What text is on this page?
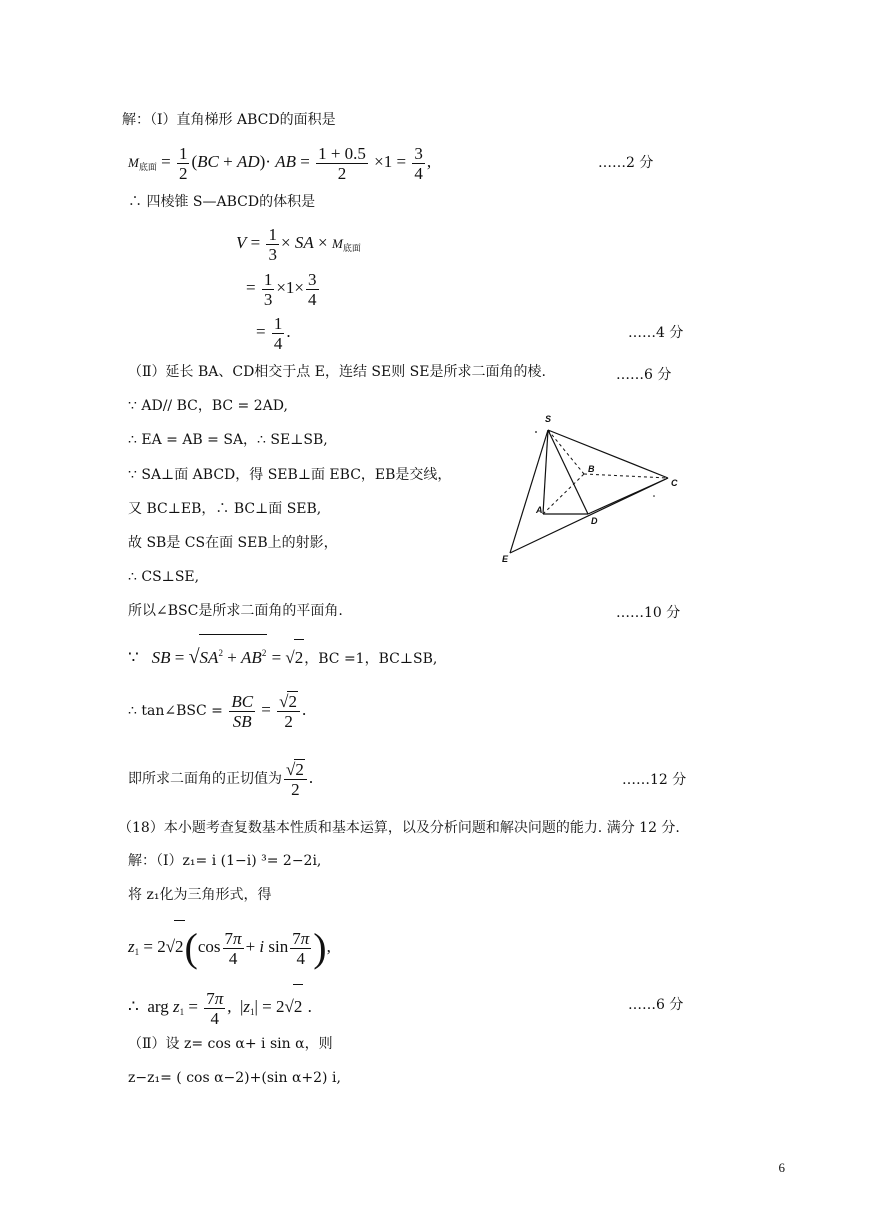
解：（Ⅰ）直角梯形 ABCD的面积是
$M_{底面} = \frac{1}{2} (BC + AD)\cdot$ AB = $\frac{1 + 0.5}{2} \times 1 = \frac{3}{4}$ ,	……2 分
∴ 四棱锥 S—ABCD的体积是
$V = \frac{1}{3}$ × SA × $M_{底面}$
= $\frac{1}{3} \times 1\times \frac{3}{4}$
= $\frac{1}{4}$ .	……4 分
（Ⅱ）延长 BA、CD相交于点 E，连结 SE则 SE是所求二面角的棱.	……6 分
∵ AD// BC，BC = 2AD,
∴ EA = AB = SA，∴ SE⊥SB,
∵ SA⊥面 ABCD，得 SEB⊥面 EBC，EB是交线，
又 BC⊥EB，∴ BC⊥面 SEB,
故 SB是 CS在面 SEB上的射影，
∴ CS⊥SE,
所以∠BSC是所求二面角的平面角.	……10 分
S
B
C
A
D
E
∵   SB = $√SA^2 + AB^2 = √2$，BC =1，BC⊥SB,
∴ tan∠BSC = $\frac{BC}{SB} = \frac{√2}{2}$ .
即所求二面角的正切值为 $\frac{√2}{2}$ .	……12 分
（18）本小题考查复数基本性质和基本运算，以及分析问题和解决问题的能力. 满分 12 分.
解：（Ⅰ）z₁= i (1−i) ³= 2−2i,
将 z₁化为三角形式，得
$z_1 = 2√2(\cos \frac{7\pi}{4} + i$ $\sin \frac{7\pi}{4}$ ),
∴  arg $z_1 = \frac{7\pi}{4}$ ,  $|z_1| = 2√2$ .	……6 分
（Ⅱ）设 z= cos α+ i sin α，则
z−z₁= ( cos α−2)+(sin α+2) i,
6
